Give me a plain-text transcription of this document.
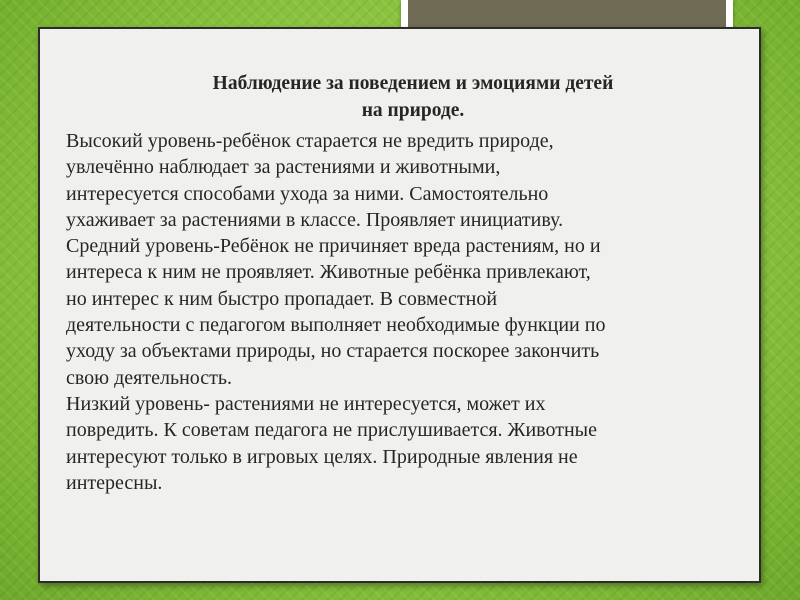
Наблюдение за поведением и эмоциями детей
на природе.
Высокий уровень-ребёнок старается не вредить природе,
увлечённо наблюдает за растениями и животными,
интересуется способами ухода за ними. Самостоятельно
ухаживает за растениями в классе. Проявляет инициативу.
Средний уровень-Ребёнок не причиняет вреда растениям, но и
интереса к ним не проявляет. Животные ребёнка привлекают,
но интерес к ним быстро пропадает. В совместной
деятельности с педагогом выполняет необходимые функции по
уходу за объектами природы, но старается поскорее закончить
свою деятельность.
Низкий уровень- растениями не интересуется, может их
повредить. К советам педагога не прислушивается. Животные
интересуют только в игровых целях. Природные явления не
интересны.
